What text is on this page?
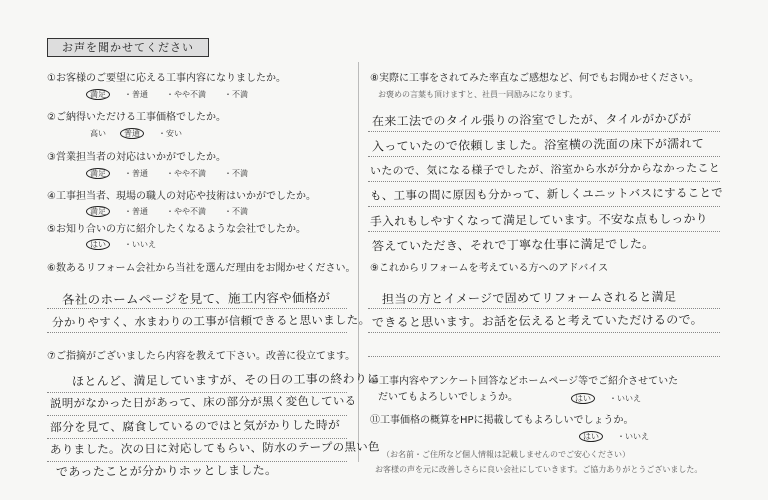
お声を聞かせてください
①お客様のご要望に応える工事内容になりましたか。
満足 ・普通 ・やや不満 ・不満
②ご納得いただける工事価格でしたか。
高い 普通 ・安い
③営業担当者の対応はいかがでしたか。
満足 ・普通 ・やや不満 ・不満
④工事担当者、現場の職人の対応や技術はいかがでしたか。
満足 ・普通 ・やや不満 ・不満
⑤お知り合いの方に紹介したくなるような会社でしたか。
はい ・いいえ
⑥数あるリフォーム会社から当社を選んだ理由をお聞かせください。
各社のホームページを見て、施工内容や価格が
分かりやすく、水まわりの工事が信頼できると思いました。
⑦ご指摘がございましたら内容を教えて下さい。改善に役立てます。
ほとんど、満足していますが、その日の工事の終わりに
説明がなかった日があって、床の部分が黒く変色している
部分を見て、腐食しているのではと気がかりした時が
ありました。次の日に対応してもらい、防水のテープの黒い色
であったことが分かりホッとしました。
⑧実際に工事をされてみた率直なご感想など、何でもお聞かせください。
お褒めの言葉も頂けますと、社員一同励みになります。
在来工法でのタイル張りの浴室でしたが、タイルがかびが
入っていたので依頼しました。浴室横の洗面の床下が濡れて
いたので、気になる様子でしたが、浴室から水が分からなかったこと
も、工事の間に原因も分かって、新しくユニットバスにすることで
手入れもしやすくなって満足しています。不安な点もしっかり
答えていただき、それで丁寧な仕事に満足でした。
⑨これからリフォームを考えている方へのアドバイス
担当の方とイメージで固めてリフォームされると満足
できると思います。お話を伝えると考えていただけるので。
⑩工事内容やアンケート回答などホームページ等でご紹介させていた
だいてもよろしいでしょうか。	はい ・いいえ
⑪工事価格の概算をHPに掲載してもよろしいでしょうか。
はい ・いいえ
（お名前・ご住所など個人情報は記載しませんのでご安心ください）
お客様の声を元に改善しさらに良い会社にしていきます。ご協力ありがとうございました。
